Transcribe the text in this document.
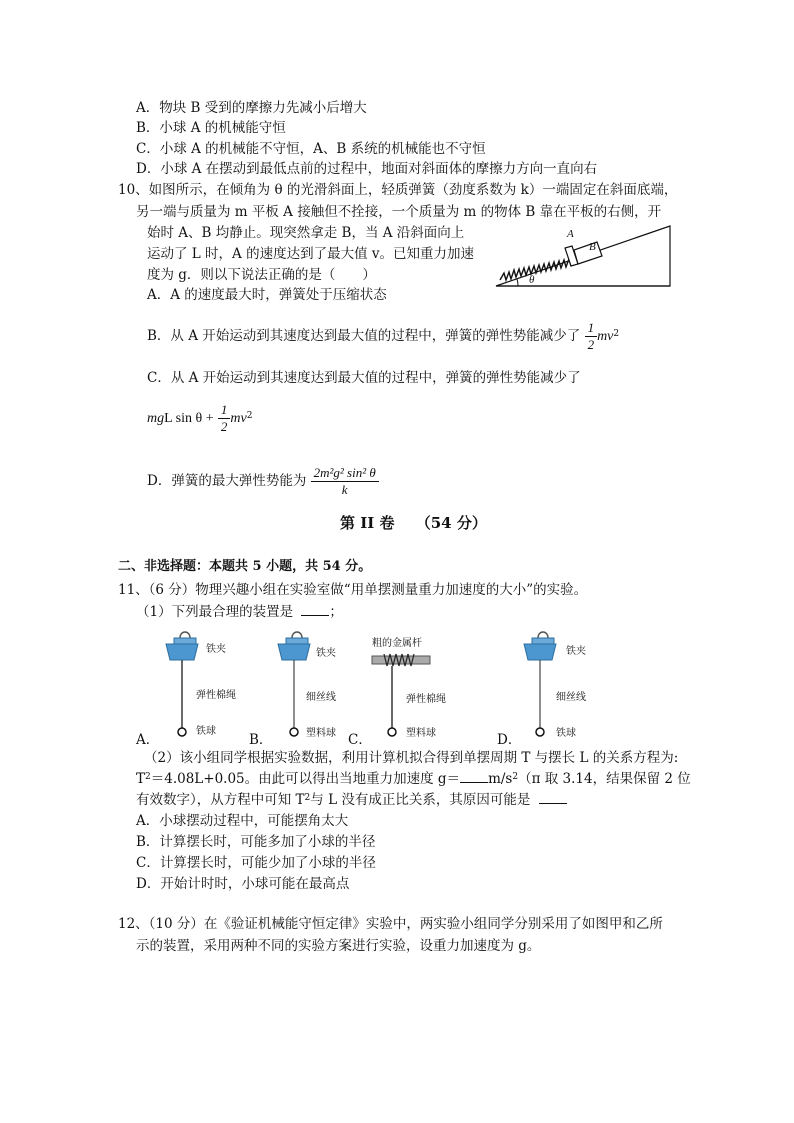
A．物块 B 受到的摩擦力先减小后增大
B．小球 A 的机械能守恒
C．小球 A 的机械能不守恒，A、B 系统的机械能也不守恒
D．小球 A 在摆动到最低点前的过程中，地面对斜面体的摩擦力方向一直向右
10、如图所示，在倾角为 θ 的光滑斜面上，轻质弹簧（劲度系数为 k）一端固定在斜面底端，
另一端与质量为 m 平板 A 接触但不拴接，一个质量为 m 的物体 B 靠在平板的右侧，开
始时 A、B 均静止。现突然拿走 B，当 A 沿斜面向上
运动了 L 时，A 的速度达到了最大值 v。已知重力加速
度为 g．则以下说法正确的是（　　）
A
B
θ
A．A 的速度最大时，弹簧处于压缩状态
B．从 A 开始运动到其速度达到最大值的过程中，弹簧的弹性势能减少了 $\frac{1}{2} mv^2$
C．从 A 开始运动到其速度达到最大值的过程中，弹簧的弹性势能减少了
mgL $\sin \theta + \frac{1}{2} mv^2$
D．弹簧的最大弹性势能为 $\frac{\text{2m²g² sin² θ}}{k}$
第 II 卷 （54 分）
二、非选择题：本题共 5 小题，共 54 分。
11、（6 分）物理兴趣小组在实验室做“用单摆测量重力加速度的大小”的实验。
（1）下列最合理的装置是	；
铁夹
弹性棉绳
铁球
A．
铁夹
细丝线
塑料球
B．
粗的金属杆
弹性棉绳
塑料球
C．
铁夹
细丝线
铁球
D．
（2）该小组同学根据实验数据，利用计算机拟合得到单摆周期 T 与摆长 L 的关系方程为:
$T^2=4.08L+0.05$。由此可以得出当地重力加速度 $g= m/s^2(\pi$ 取 3.14，结果保留 2 位
有效数字），从方程中可知 $T^2$与 L 没有成正比关系，其原因可能是
A．小球摆动过程中，可能摆角太大
B．计算摆长时，可能多加了小球的半径
C．计算摆长时，可能少加了小球的半径
D．开始计时时，小球可能在最高点
12、（10 分）在《验证机械能守恒定律》实验中，两实验小组同学分别采用了如图甲和乙所
示的装置，采用两种不同的实验方案进行实验，设重力加速度为 g。
